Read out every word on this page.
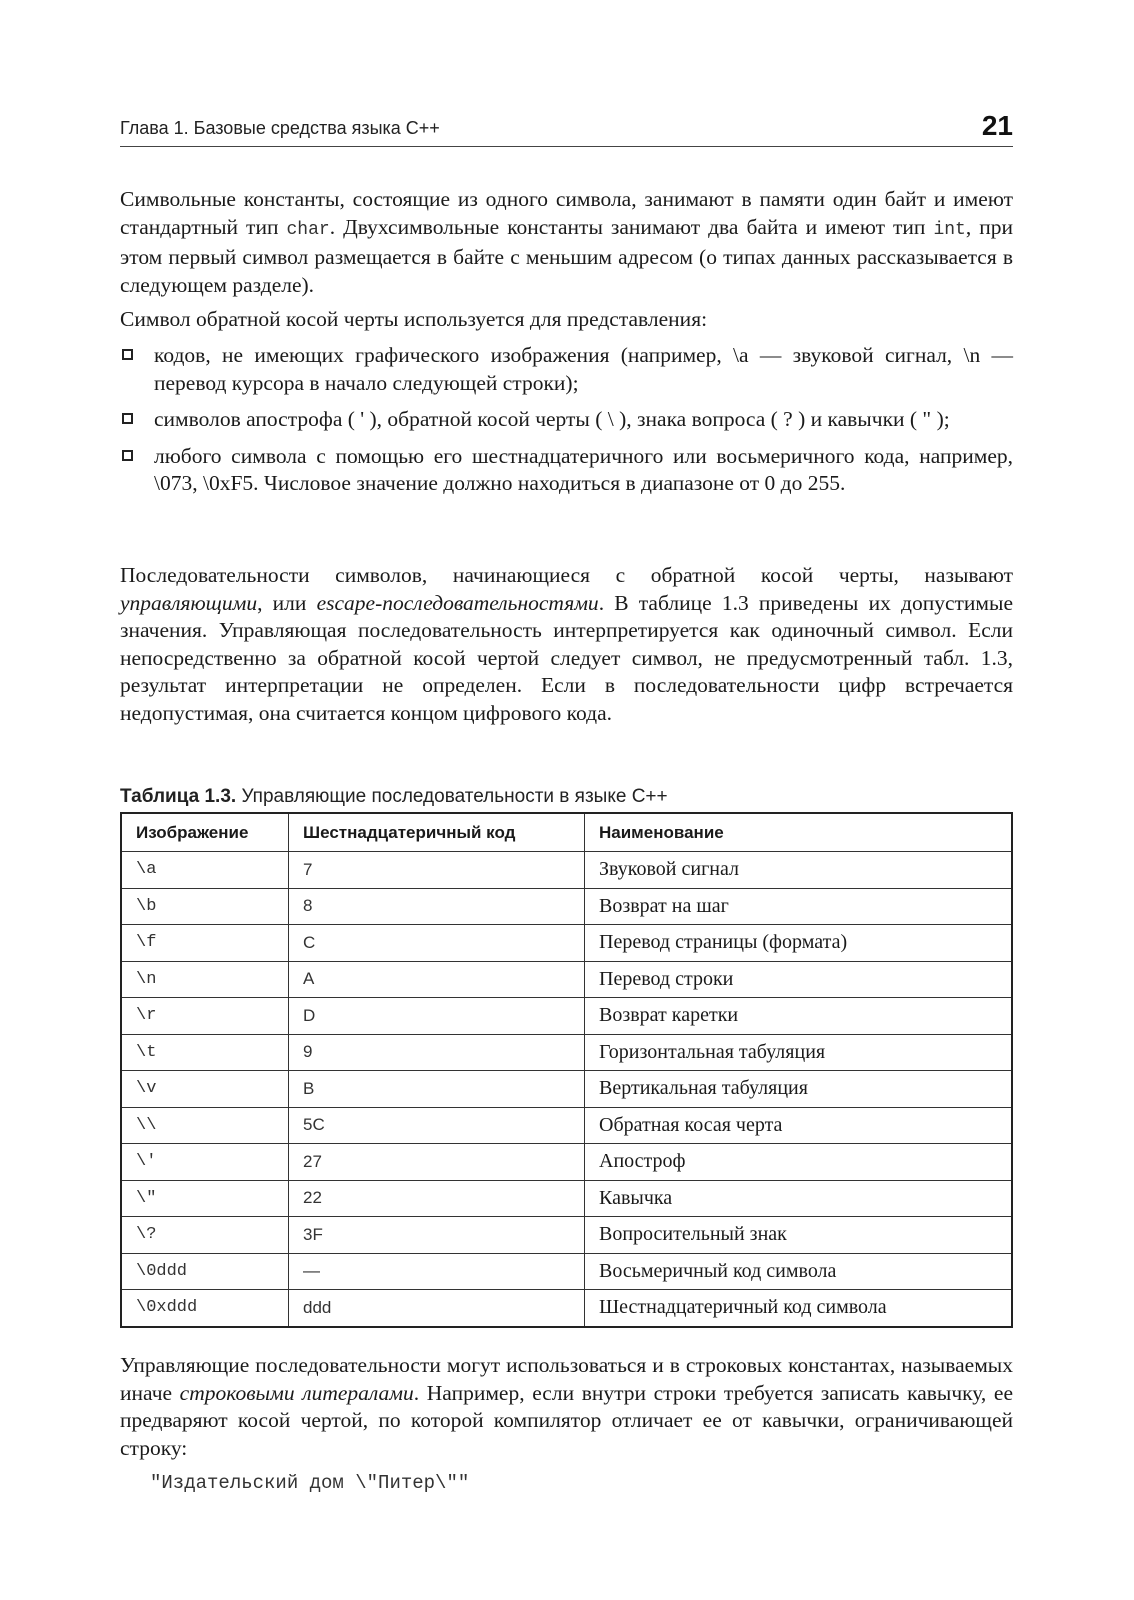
Глава 1. Базовые средства языка С++	21
Символьные константы, состоящие из одного символа, занимают в памяти один байт и имеют стандартный тип char. Двухсимвольные константы занимают два байта и имеют тип int, при этом первый символ размещается в байте с меньшим адресом (о типах данных рассказывается в следующем разделе).
Символ обратной косой черты используется для представления:
кодов, не имеющих графического изображения (например, \a — звуковой сигнал, \n — перевод курсора в начало следующей строки);
символов апострофа ( ' ), обратной косой черты ( \ ), знака вопроса ( ? ) и кавычки ( " );
любого символа с помощью его шестнадцатеричного или восьмеричного кода, например, \073, \0xF5. Числовое значение должно находиться в диапазоне от 0 до 255.
Последовательности символов, начинающиеся с обратной косой черты, называют управляющими, или escape-последовательностями. В таблице 1.3 приведены их допустимые значения. Управляющая последовательность интерпретируется как одиночный символ. Если непосредственно за обратной косой чертой следует символ, не предусмотренный табл. 1.3, результат интерпретации не определен. Если в последовательности цифр встречается недопустимая, она считается концом цифрового кода.
Таблица 1.3. Управляющие последовательности в языке С++
Изображение	Шестнадцатеричный код	Наименование
\a	7	Звуковой сигнал
\b	8	Возврат на шаг
\f	C	Перевод страницы (формата)
\n	A	Перевод строки
\r	D	Возврат каретки
\t	9	Горизонтальная табуляция
\v	B	Вертикальная табуляция
\\	5C	Обратная косая черта
\'	27	Апостроф
\"	22	Кавычка
\?	3F	Вопросительный знак
\0ddd	—	Восьмеричный код символа
\0xddd	ddd	Шестнадцатеричный код символа
Управляющие последовательности могут использоваться и в строковых константах, называемых иначе строковыми литералами. Например, если внутри строки требуется записать кавычку, ее предваряют косой чертой, по которой компилятор отличает ее от кавычки, ограничивающей строку:
"Издательский дом \"Питер\""
